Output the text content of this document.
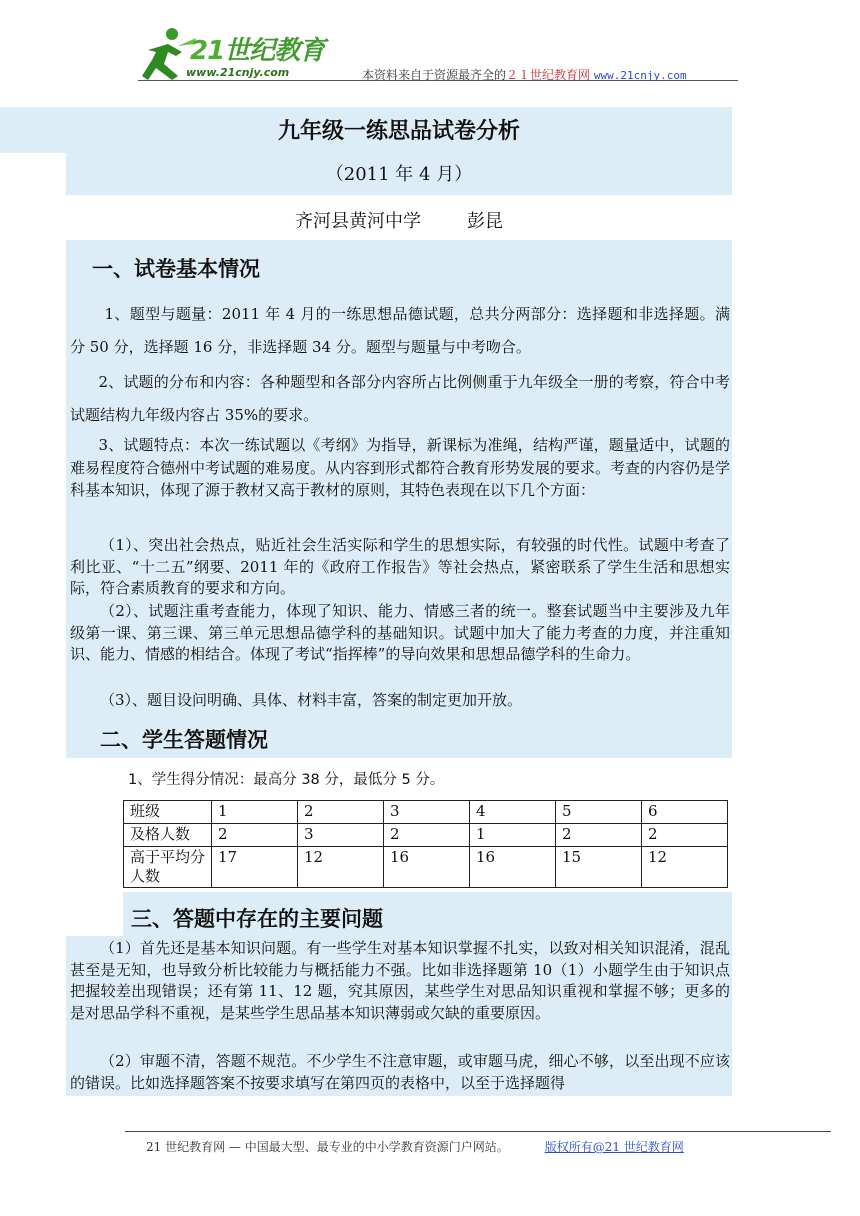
21世纪教育
www.21cnjy.com	本资料来自于资源最齐全的２１世纪教育网 www.21cnjy.com
九年级一练思品试卷分析
（2011 年 4 月）
齐河县黄河中学	彭昆
一、试卷基本情况
1、题型与题量：2011 年 4 月的一练思想品德试题，总共分两部分：选择题和非选择题。满分 50 分，选择题 16 分，非选择题 34 分。题型与题量与中考吻合。
2、试题的分布和内容：各种题型和各部分内容所占比例侧重于九年级全一册的考察，符合中考试题结构九年级内容占 35%的要求。
3、试题特点：本次一练试题以《考纲》为指导，新课标为准绳，结构严谨，题量适中，试题的难易程度符合德州中考试题的难易度。从内容到形式都符合教育形势发展的要求。考查的内容仍是学科基本知识，体现了源于教材又高于教材的原则，其特色表现在以下几个方面：
（1）、突出社会热点，贴近社会生活实际和学生的思想实际，有较强的时代性。试题中考查了利比亚、“十二五”纲要、2011 年的《政府工作报告》等社会热点，紧密联系了学生生活和思想实际，符合素质教育的要求和方向。
（2）、试题注重考查能力，体现了知识、能力、情感三者的统一。整套试题当中主要涉及九年级第一课、第三课、第三单元思想品德学科的基础知识。试题中加大了能力考查的力度，并注重知识、能力、情感的相结合。体现了考试“指挥棒”的导向效果和思想品德学科的生命力。
（3）、题目设问明确、具体、材料丰富，答案的制定更加开放。
二、学生答题情况
1、学生得分情况：最高分 38 分，最低分 5 分。
班级	1	2	3	4	5	6
及格人数	2	3	2	1	2	2
高于平均分人数	17	12	16	16	15	12
三、答题中存在的主要问题
（1）首先还是基本知识问题。有一些学生对基本知识掌握不扎实，以致对相关知识混淆，混乱甚至是无知，也导致分析比较能力与概括能力不强。比如非选择题第 10（1）小题学生由于知识点把握较差出现错误；还有第 11、12 题，究其原因，某些学生对思品知识重视和掌握不够；更多的是对思品学科不重视，是某些学生思品基本知识薄弱或欠缺的重要原因。
（2）审题不清，答题不规范。不少学生不注意审题，或审题马虎，细心不够，以至出现不应该的错误。比如选择题答案不按要求填写在第四页的表格中，以至于选择题得
21 世纪教育网 — 中国最大型、最专业的中小学教育资源门户网站。	版权所有@21 世纪教育网
